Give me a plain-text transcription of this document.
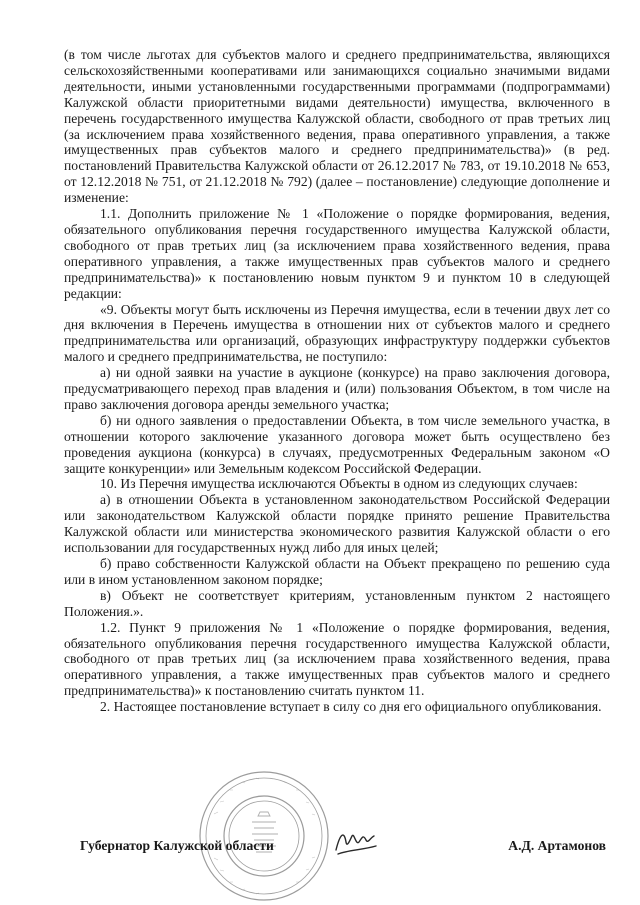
(в том числе льготах для субъектов малого и среднего предпринимательства, являющихся сельскохозяйственными кооперативами или занимающихся социально значимыми видами деятельности, иными установленными государственными программами (подпрограммами) Калужской области приоритетными видами деятельности) имущества, включенного в перечень государственного имущества Калужской области, свободного от прав третьих лиц (за исключением права хозяйственного ведения, права оперативного управления, а также имущественных прав субъектов малого и среднего предпринимательства)» (в ред. постановлений Правительства Калужской области от 26.12.2017 № 783, от 19.10.2018 № 653, от 12.12.2018 № 751, от 21.12.2018 № 792) (далее – постановление) следующие дополнение и изменение:

1.1. Дополнить приложение № 1 «Положение о порядке формирования, ведения, обязательного опубликования перечня государственного имущества Калужской области, свободного от прав третьих лиц (за исключением права хозяйственного ведения, права оперативного управления, а также имущественных прав субъектов малого и среднего предпринимательства)» к постановлению новым пунктом 9 и пунктом 10 в следующей редакции:

«9. Объекты могут быть исключены из Перечня имущества, если в течении двух лет со дня включения в Перечень имущества в отношении них от субъектов малого и среднего предпринимательства или организаций, образующих инфраструктуру поддержки субъектов малого и среднего предпринимательства, не поступило:

а) ни одной заявки на участие в аукционе (конкурсе) на право заключения договора, предусматривающего переход прав владения и (или) пользования Объектом, в том числе на право заключения договора аренды земельного участка;

б) ни одного заявления о предоставлении Объекта, в том числе земельного участка, в отношении которого заключение указанного договора может быть осуществлено без проведения аукциона (конкурса) в случаях, предусмотренных Федеральным законом «О защите конкуренции» или Земельным кодексом Российской Федерации.

10. Из Перечня имущества исключаются Объекты в одном из следующих случаев:

а) в отношении Объекта в установленном законодательством Российской Федерации или законодательством Калужской области порядке принято решение Правительства Калужской области или министерства экономического развития Калужской области о его использовании для государственных нужд либо для иных целей;

б) право собственности Калужской области на Объект прекращено по решению суда или в ином установленном законом порядке;

в) Объект не соответствует критериям, установленным пунктом 2 настоящего Положения.».

1.2. Пункт 9 приложения № 1 «Положение о порядке формирования, ведения, обязательного опубликования перечня государственного имущества Калужской области, свободного от прав третьих лиц (за исключением права хозяйственного ведения, права оперативного управления, а также имущественных прав субъектов малого и среднего предпринимательства)» к постановлению считать пунктом 11.

2. Настоящее постановление вступает в силу со дня его официального опубликования.

Губернатор Калужской области	А.Д. Артамонов
